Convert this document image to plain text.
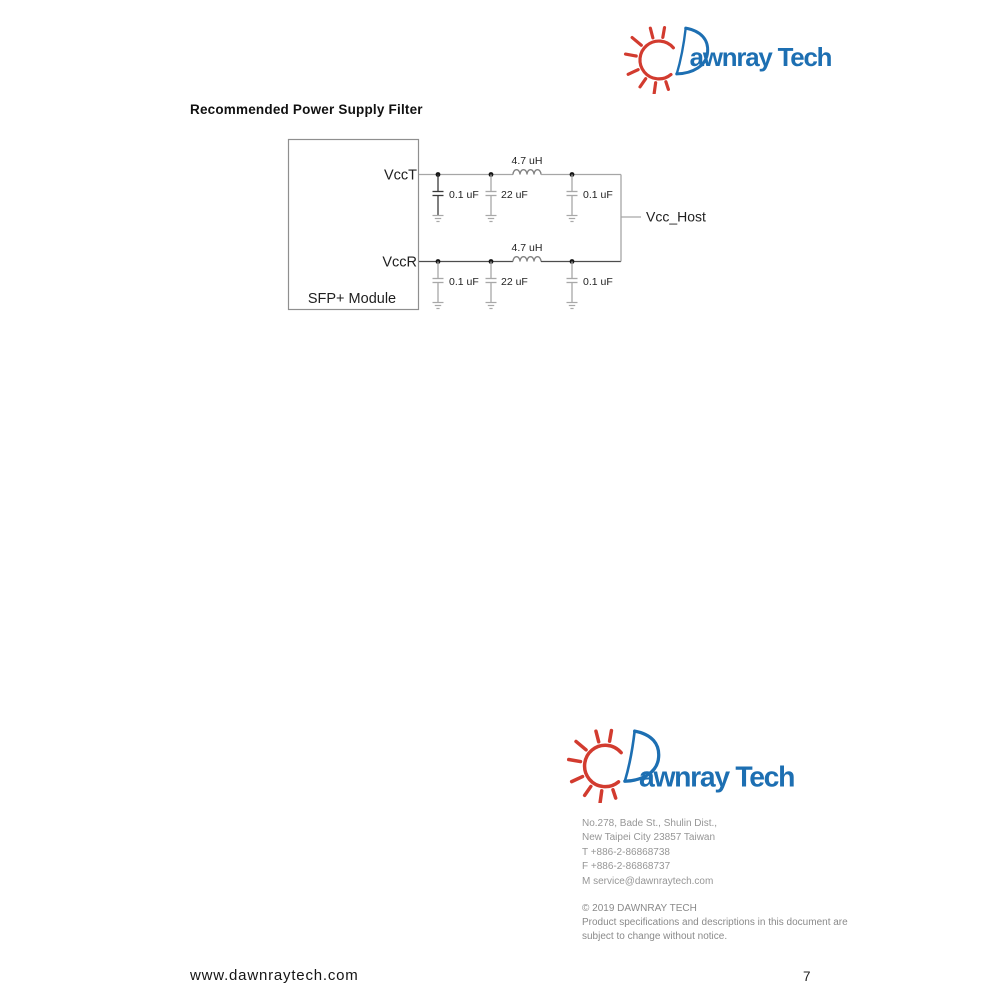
awnray Tech
Recommended Power Supply Filter
SFP+ Module
VccT
4.7 uH
0.1 uF 22 uF	0.1 uF
VccR
4.7 uH
0.1 uF 22 uF	0.1 uF
Vcc_Host
awnray Tech
No.278, Bade St., Shulin Dist.,
New Taipei City 23857 Taiwan
T +886-2-86868738
F +886-2-86868737
M service@dawnraytech.com
© 2019 DAWNRAY TECH
Product specifications and descriptions in this document are
subject to change without notice.
www.dawnraytech.com	7
